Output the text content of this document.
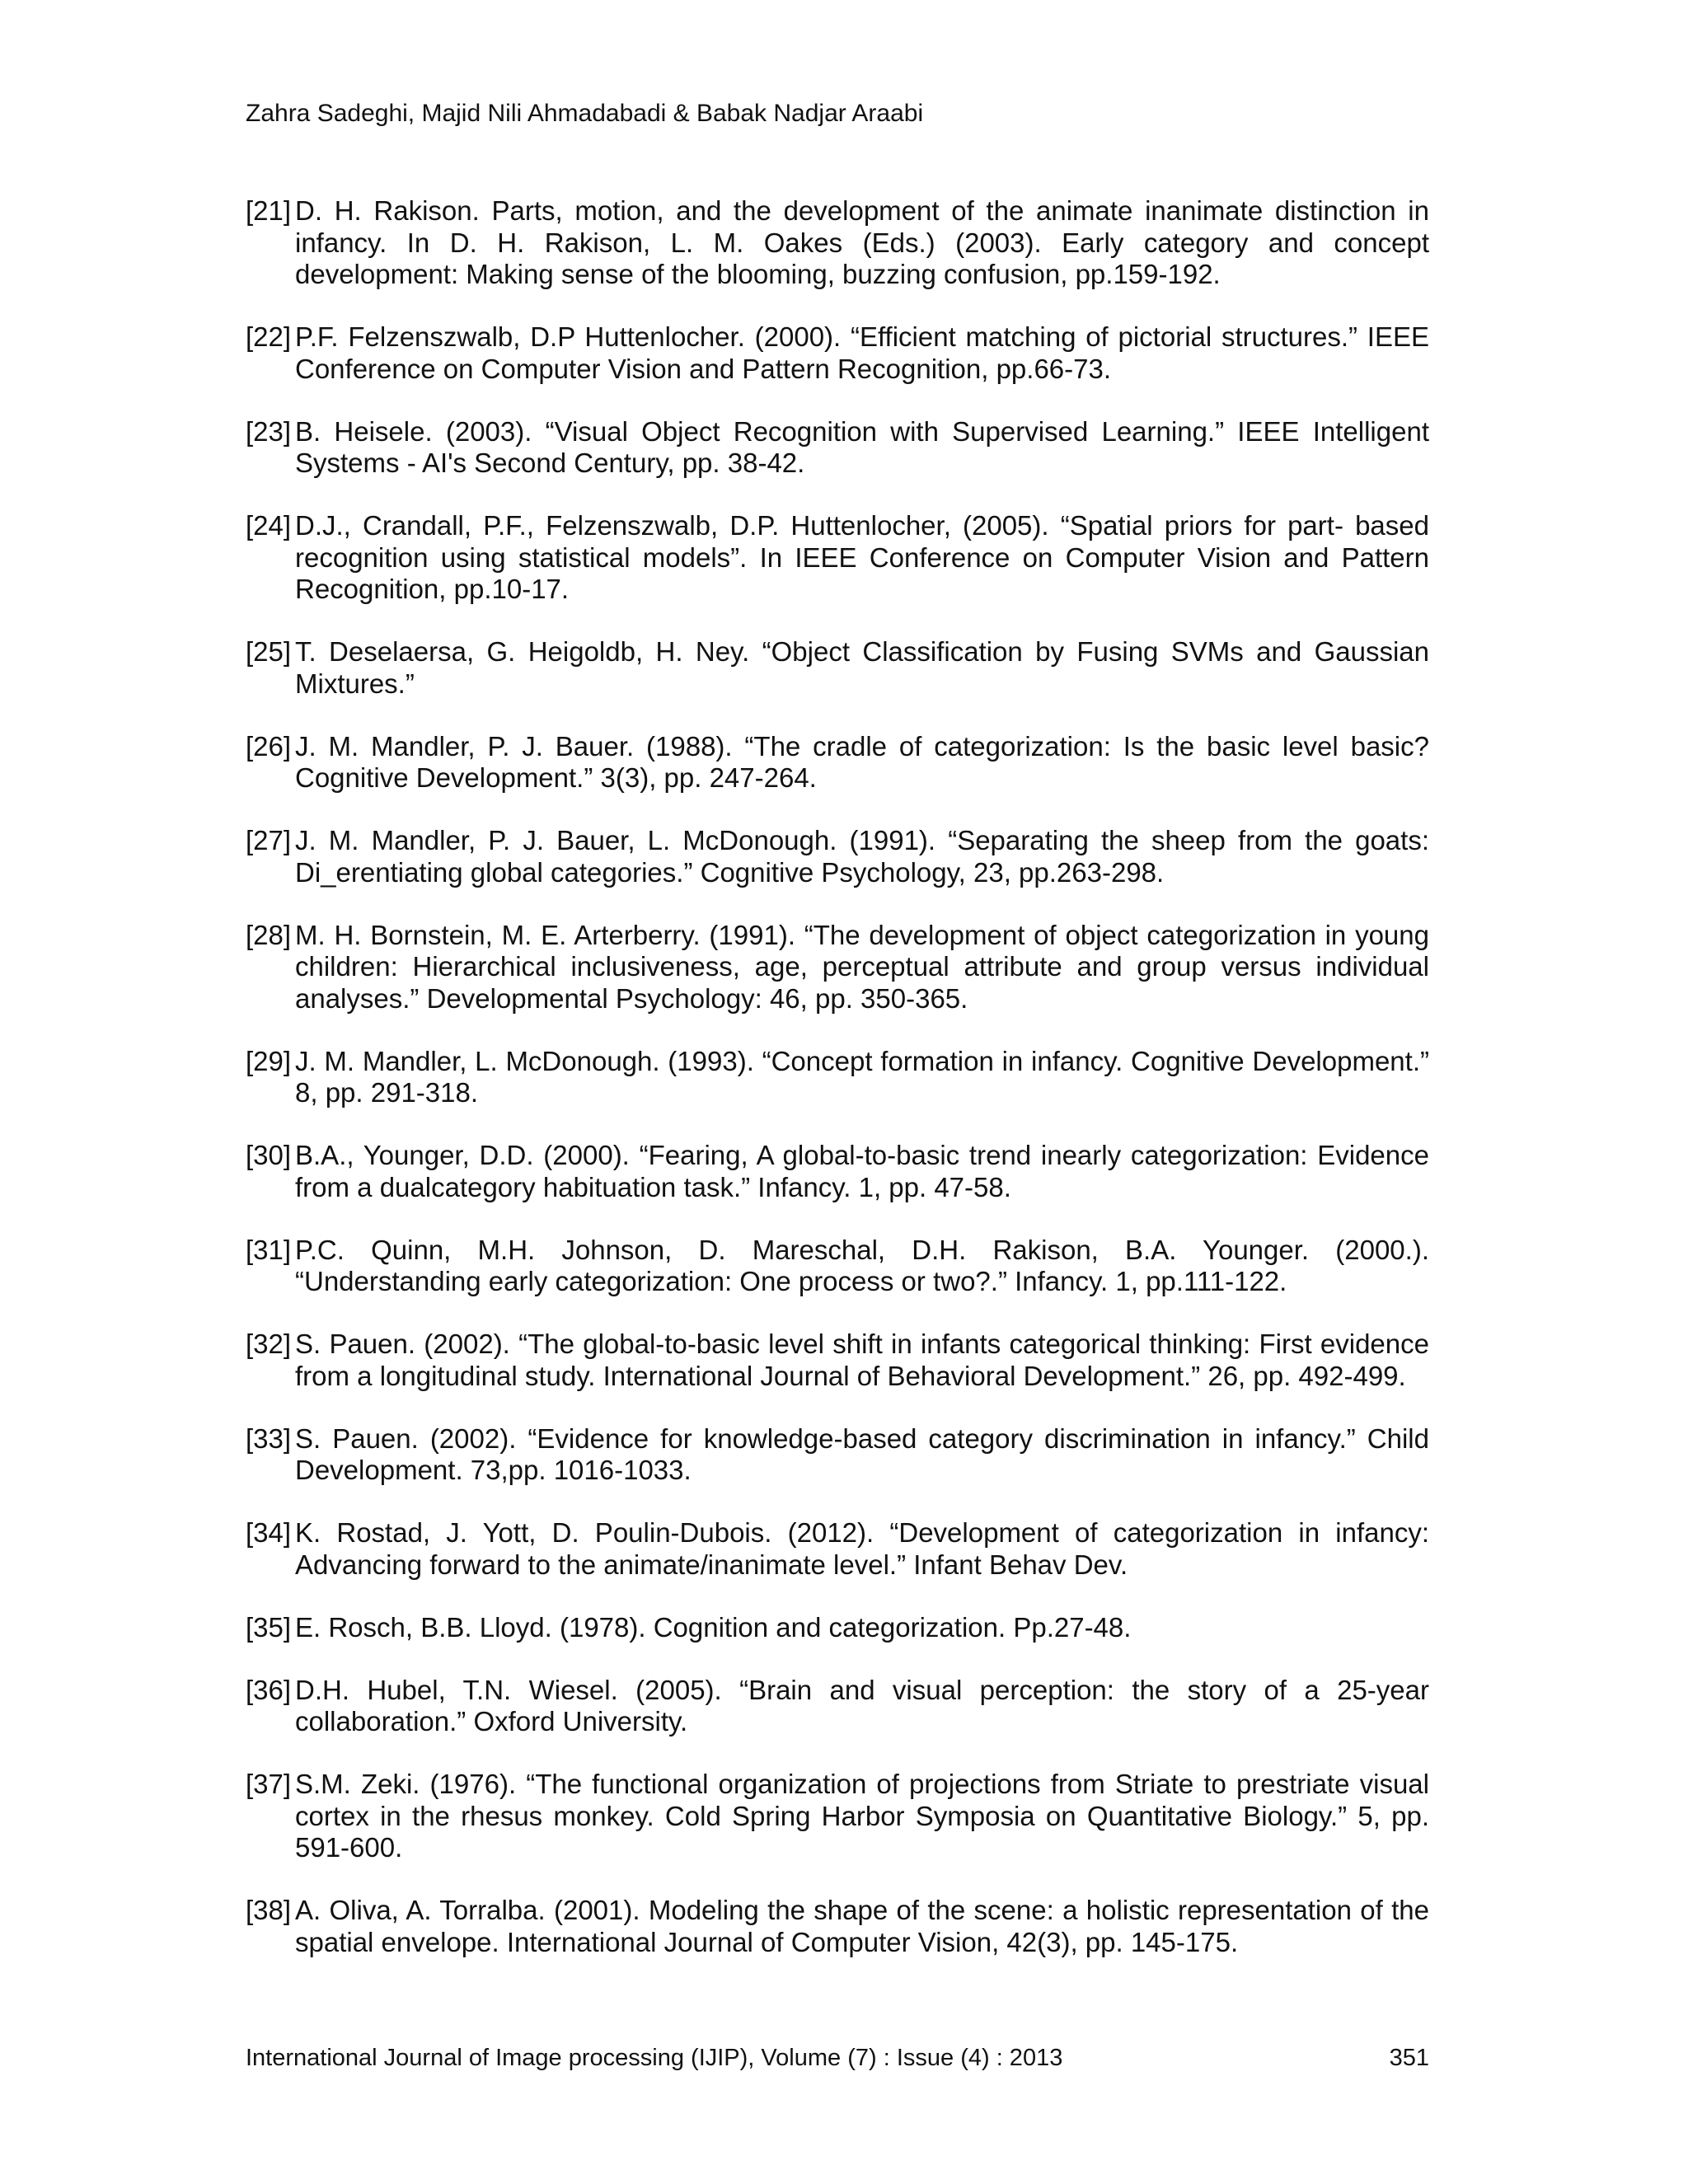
Zahra Sadeghi, Majid Nili Ahmadabadi & Babak Nadjar Araabi
[21] D. H. Rakison. Parts, motion, and the development of the animate inanimate distinction in infancy. In D. H. Rakison, L. M. Oakes (Eds.) (2003). Early category and concept development: Making sense of the blooming, buzzing confusion, pp.159-192.
[22] P.F. Felzenszwalb, D.P Huttenlocher. (2000). “Efficient matching of pictorial structures.” IEEE Conference on Computer Vision and Pattern Recognition, pp.66-73.
[23] B. Heisele. (2003). “Visual Object Recognition with Supervised Learning.” IEEE Intelligent Systems - AI's Second Century, pp. 38-42.
[24] D.J., Crandall, P.F., Felzenszwalb, D.P. Huttenlocher, (2005). “Spatial priors for part- based recognition using statistical models”. In IEEE Conference on Computer Vision and Pattern Recognition, pp.10-17.
[25] T. Deselaersa, G. Heigoldb, H. Ney. “Object Classification by Fusing SVMs and Gaussian Mixtures.”
[26] J. M. Mandler, P. J. Bauer. (1988). “The cradle of categorization: Is the basic level basic? Cognitive Development.” 3(3), pp. 247-264.
[27] J. M. Mandler, P. J. Bauer, L. McDonough. (1991). “Separating the sheep from the goats: Di_erentiating global categories.” Cognitive Psychology, 23, pp.263-298.
[28] M. H. Bornstein, M. E. Arterberry. (1991). “The development of object categorization in young children: Hierarchical inclusiveness, age, perceptual attribute and group versus individual analyses.” Developmental Psychology: 46, pp. 350-365.
[29] J. M. Mandler, L. McDonough. (1993). “Concept formation in infancy. Cognitive Development.” 8, pp. 291-318.
[30] B.A., Younger, D.D. (2000). “Fearing, A global-to-basic trend inearly categorization: Evidence from a dualcategory habituation task.” Infancy. 1, pp. 47-58.
[31] P.C. Quinn, M.H. Johnson, D. Mareschal, D.H. Rakison, B.A. Younger. (2000.). “Understanding early categorization: One process or two?.” Infancy. 1, pp.111-122.
[32] S. Pauen. (2002). “The global-to-basic level shift in infants categorical thinking: First evidence from a longitudinal study. International Journal of Behavioral Development.” 26, pp. 492-499.
[33] S. Pauen. (2002). “Evidence for knowledge-based category discrimination in infancy.” Child Development. 73,pp. 1016-1033.
[34] K. Rostad, J. Yott, D. Poulin-Dubois. (2012). “Development of categorization in infancy: Advancing forward to the animate/inanimate level.” Infant Behav Dev.
[35] E. Rosch, B.B. Lloyd. (1978). Cognition and categorization. Pp.27-48.
[36] D.H. Hubel, T.N. Wiesel. (2005). “Brain and visual perception: the story of a 25-year collaboration.” Oxford University.
[37] S.M. Zeki. (1976). “The functional organization of projections from Striate to prestriate visual cortex in the rhesus monkey. Cold Spring Harbor Symposia on Quantitative Biology.” 5, pp. 591-600.
[38] A. Oliva, A. Torralba. (2001). Modeling the shape of the scene: a holistic representation of the spatial envelope. International Journal of Computer Vision, 42(3), pp. 145-175.
International Journal of Image processing (IJIP), Volume (7) : Issue (4) : 2013	351
